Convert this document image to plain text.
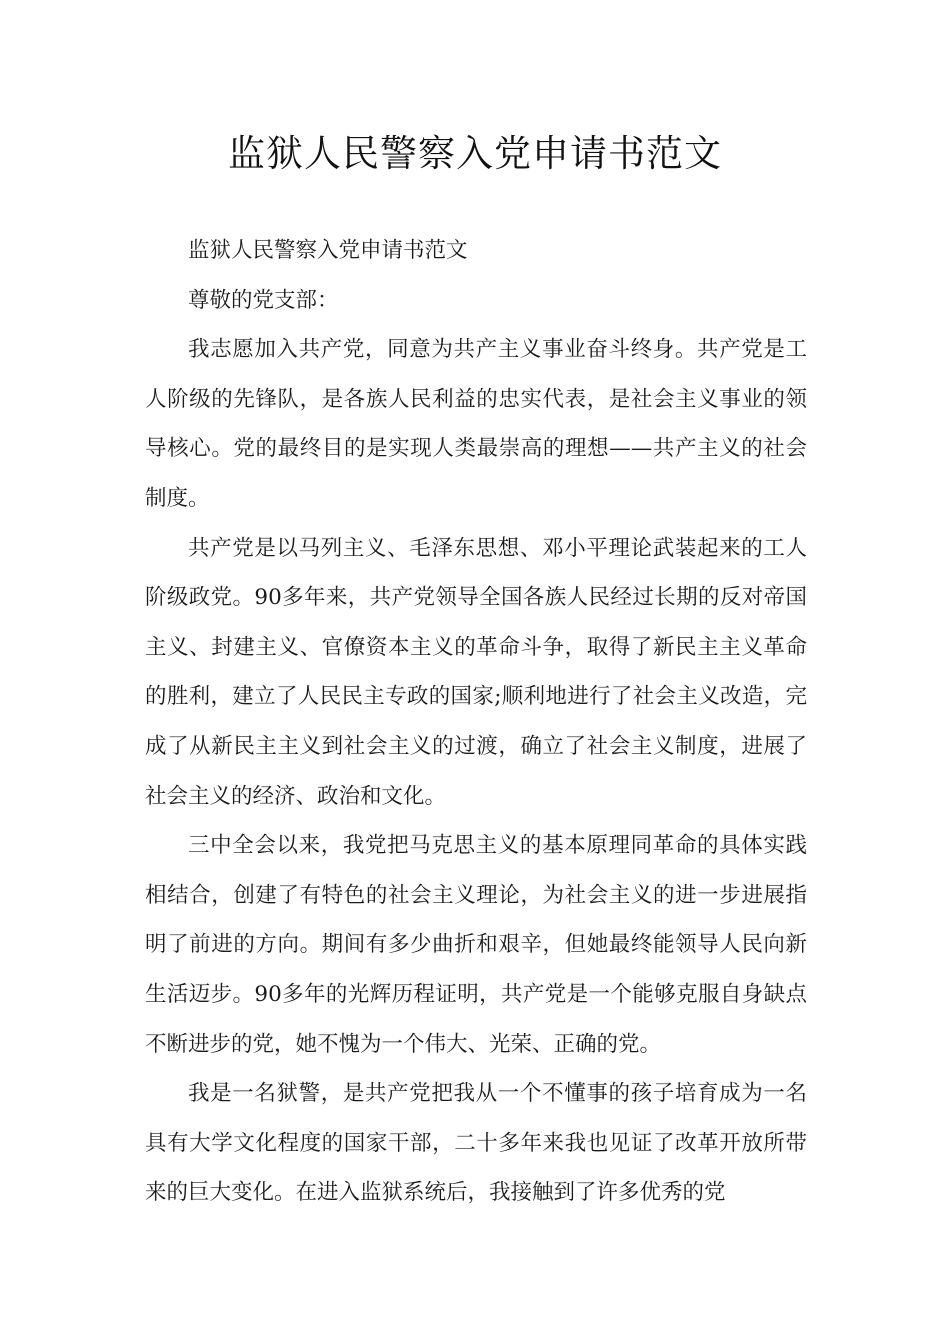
监狱人民警察入党申请书范文

监狱人民警察入党申请书范文

尊敬的党支部：

我志愿加入共产党，同意为共产主义事业奋斗终身。共产党是工人阶级的先锋队，是各族人民利益的忠实代表，是社会主义事业的领导核心。党的最终目的是实现人类最崇高的理想——共产主义的社会制度。

共产党是以马列主义、毛泽东思想、邓小平理论武装起来的工人阶级政党。90多年来，共产党领导全国各族人民经过长期的反对帝国主义、封建主义、官僚资本主义的革命斗争，取得了新民主主义革命的胜利，建立了人民民主专政的国家;顺利地进行了社会主义改造，完成了从新民主主义到社会主义的过渡，确立了社会主义制度，进展了社会主义的经济、政治和文化。

三中全会以来，我党把马克思主义的基本原理同革命的具体实践相结合，创建了有特色的社会主义理论，为社会主义的进一步进展指明了前进的方向。期间有多少曲折和艰辛，但她最终能领导人民向新生活迈步。90多年的光辉历程证明，共产党是一个能够克服自身缺点不断进步的党，她不愧为一个伟大、光荣、正确的党。

我是一名狱警，是共产党把我从一个不懂事的孩子培育成为一名具有大学文化程度的国家干部，二十多年来我也见证了改革开放所带来的巨大变化。在进入监狱系统后，我接触到了许多优秀的党
